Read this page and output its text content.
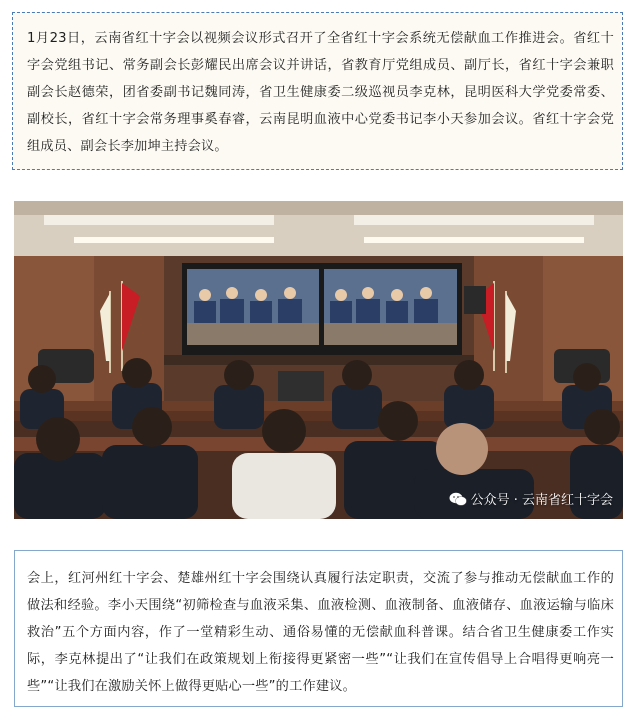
1月23日，云南省红十字会以视频会议形式召开了全省红十字会系统无偿献血工作推进会。省红十字会党组书记、常务副会长彭耀民出席会议并讲话，省教育厅党组成员、副厅长，省红十字会兼职副会长赵德荣，团省委副书记魏同涛，省卫生健康委二级巡视员李克林，昆明医科大学党委常委、副校长，省红十字会常务理事奚春睿，云南昆明血液中心党委书记李小天参加会议。省红十字会党组成员、副会长李加坤主持会议。

公众号 · 云南省红十字会

会上，红河州红十字会、楚雄州红十字会围绕认真履行法定职责，交流了参与推动无偿献血工作的做法和经验。李小天围绕“初筛检查与血液采集、血液检测、血液制备、血液储存、血液运输与临床救治”五个方面内容，作了一堂精彩生动、通俗易懂的无偿献血科普课。结合省卫生健康委工作实际，李克林提出了“让我们在政策规划上衔接得更紧密一些”“让我们在宣传倡导上合唱得更响亮一些”“让我们在激励关怀上做得更贴心一些”的工作建议。
